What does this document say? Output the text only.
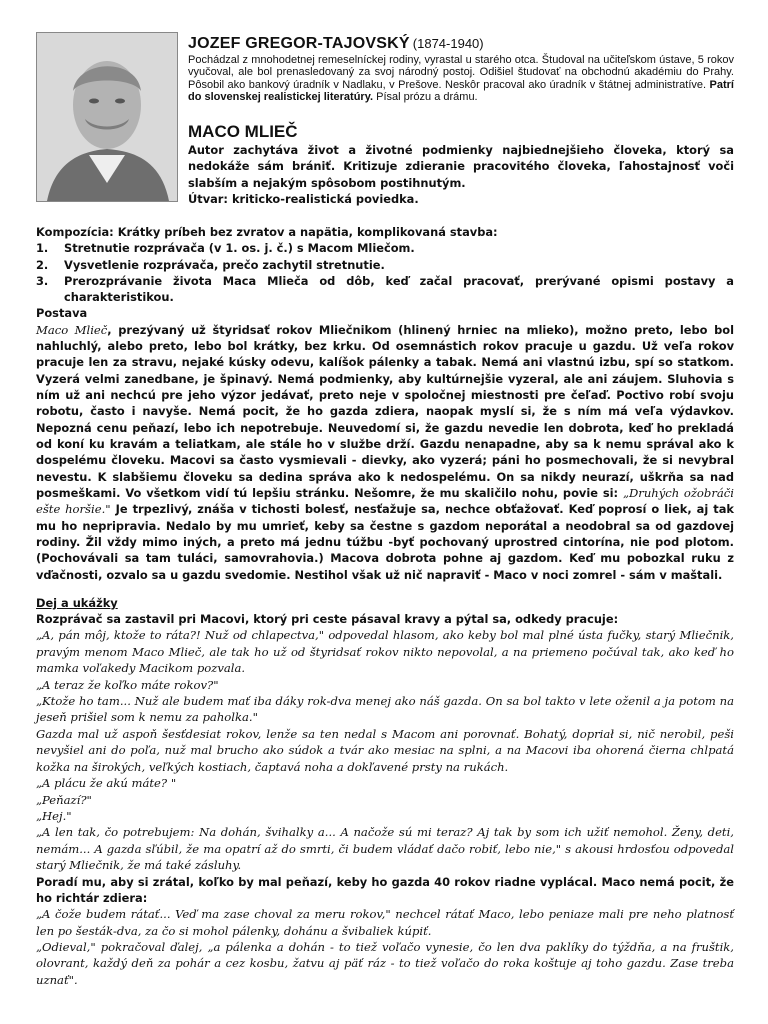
JOZEF GREGOR-TAJOVSKÝ (1874-1940)
Pochádzal z mnohodetnej remeselníckej rodiny, vyrastal u starého otca. Študoval na učiteľskom ústave, 5 rokov vyučoval, ale bol prenasledovaný za svoj národný postoj. Odišiel študovať na obchodnú akadémiu do Prahy. Pôsobil ako bankový úradník v Nadlaku, v Prešove. Neskôr pracoval ako úradník v štátnej administratíve. Patrí do slovenskej realistickej literatúry. Písal prózu a drámu.
MACO MLIEČ

Autor zachytáva život a životné podmienky najbiednejšieho človeka, ktorý sa nedokáže sám brániť. Kritizuje zdieranie pracovitého človeka, ľahostajnosť voči slabším a nejakým spôsobom postihnutým.

Útvar: kriticko-realistická poviedka.

Kompozícia: Krátky príbeh bez zvratov a napätia, komplikovaná stavba:

1.	Stretnutie rozprávača (v 1. os. j. č.) s Macom Mliečom.
2.	Vysvetlenie rozprávača, prečo zachytil stretnutie.
3.	Prerozprávanie života Maca Mlieča od dôb, keď začal pracovať, prerývané opismi postavy a charakteristikou.

Postava

Maco Mlieč, prezývaný už štyridsať rokov Mliečnikom (hlinený hrniec na mlieko), možno preto, lebo bol nahluchlý, alebo preto, lebo bol krátky, bez krku. Od osemnástich rokov pracuje u gazdu. Už veľa rokov pracuje len za stravu, nejaké kúsky odevu, kalíšok pálenky a tabak. Nemá ani vlastnú izbu, spí so statkom. Vyzerá velmi zanedbane, je špinavý. Nemá podmienky, aby kultúrnejšie vyzeral, ale ani záujem. Sluhovia s ním už ani nechcú pre jeho výzor jedávať, preto neje v spoločnej miestnosti pre čeľaď. Poctivo robí svoju robotu, často i navyše. Nemá pocit, že ho gazda zdiera, naopak myslí si, že s ním má veľa výdavkov. Nepozná cenu peňazí, lebo ich nepotrebuje. Neuvedomí si, že gazdu nevedie len dobrota, keď ho prekladá od koní ku kravám a teliatkam, ale stále ho v službe drží. Gazdu nenapadne, aby sa k nemu správal ako k dospelému človeku. Macovi sa často vysmievali - dievky, ako vyzerá; páni ho posmechovali, že si nevybral nevestu. K slabšiemu človeku sa dedina správa ako k nedospelému. On sa nikdy neurazí, uškrňa sa nad posmeškami. Vo všetkom vidí tú lepšiu stránku. Nešomre, že mu skaličilo nohu, povie si: „Druhých ožobráči ešte horšie." Je trpezlivý, znáša v tichosti bolesť, nesťažuje sa, nechce obťažovať. Keď poprosí o liek, aj tak mu ho nepripravia. Nedalo by mu umrieť, keby sa čestne s gazdom neporátal a neodobral sa od gazdovej rodiny. Žil vždy mimo iných, a preto má jednu túžbu -byť pochovaný uprostred cintorína, nie pod plotom. (Pochovávali sa tam tuláci, samovrahovia.) Macova dobrota pohne aj gazdom. Keď mu pobozkal ruku z vďačnosti, ozvalo sa u gazdu svedomie. Nestihol však už nič napraviť - Maco v noci zomrel - sám v maštali.

Dej a ukážky

Rozprávač sa zastavil pri Macovi, ktorý pri ceste pásaval kravy a pýtal sa, odkedy pracuje:

„A, pán môj, ktože to ráta?! Nuž od chlapectva," odpovedal hlasom, ako keby bol mal plné ústa fučky, starý Mliečnik, pravým menom Maco Mlieč, ale tak ho už od štyridsať rokov nikto nepovolal, a na priemeno počúval tak, ako keď ho mamka voľakedy Macikom pozvala.

„A teraz že koľko máte rokov?"

„Ktože ho tam... Nuž ale budem mať iba dáky rok-dva menej ako náš gazda. On sa bol takto v lete oženil a ja potom na jeseň prišiel som k nemu za paholka."

Gazda mal už aspoň šesťdesiat rokov, lenže sa ten nedal s Macom ani porovnať. Bohatý, dopriał si, nič nerobil, peši nevyšiel ani do poľa, nuž mal brucho ako súdok a tvár ako mesiac na splni, a na Macovi iba ohorená čierna chlpatá kožka na širokých, veľkých kostiach, čaptavá noha a dokľavené prsty na rukách.

„A plácu že akú máte? "

„Peňazí?"

„Hej."

„A len tak, čo potrebujem: Na dohán, švihalky a... A načože sú mi teraz? Aj tak by som ich užiť nemohol. Ženy, deti, nemám... A gazda sľúbil, že ma opatrí až do smrti, či budem vládať dačo robiť, lebo nie," s akousi hrdosťou odpovedal starý Mliečnik, že má také zásluhy.

Poradí mu, aby si zrátal, koľko by mal peňazí, keby ho gazda 40 rokov riadne vyplácal. Maco nemá pocit, že ho richtár zdiera:

„A čože budem rátať... Veď ma zase choval za meru rokov," nechcel rátať Maco, lebo peniaze mali pre neho platnosť len po šesták-dva, za čo si mohol pálenky, dohánu a švibaliek kúpiť.

„Odieval," pokračoval ďalej, „a pálenka a dohán - to tiež voľačo vynesie, čo len dva paklíky do týždňa, a na fruštik, olovrant, každý deň za pohár a cez kosbu, žatvu aj päť ráz - to tiež voľačo do roka koštuje aj toho gazdu. Zase treba uznať".
